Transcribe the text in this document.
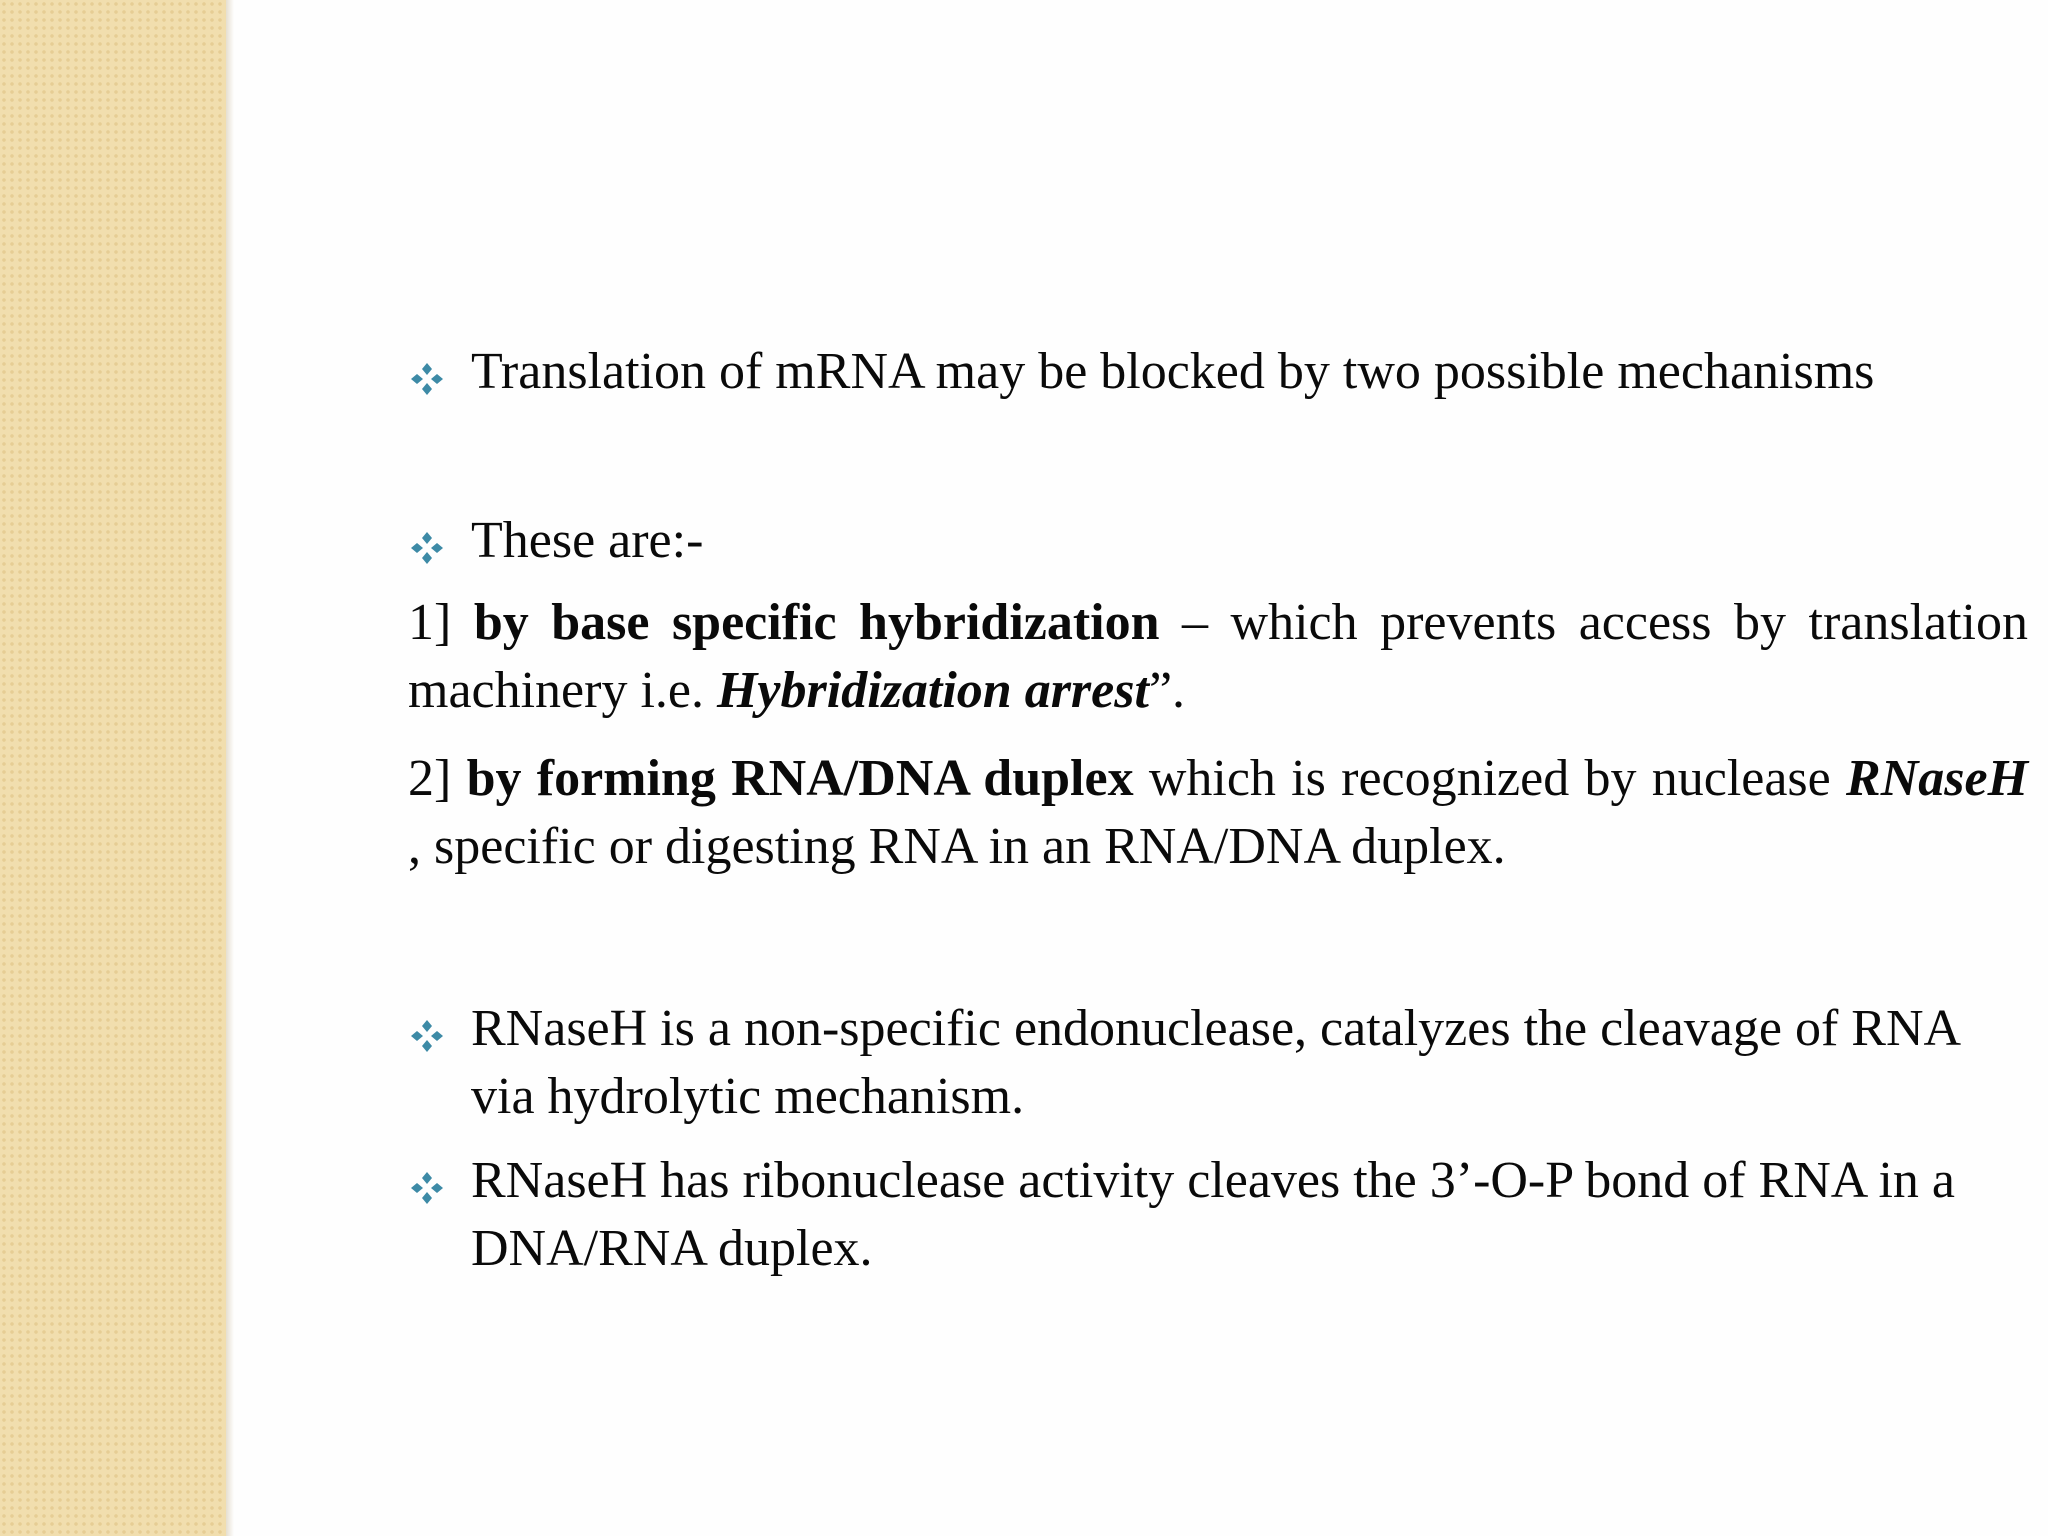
Translation of mRNA may be blocked by two possible mechanisms
These are:-
1] by base specific hybridization – which prevents access by translation machinery i.e. Hybridization arrest”.
2] by forming RNA/DNA duplex which is recognized by nuclease RNaseH , specific or digesting RNA in an RNA/DNA duplex.
RNaseH is a non-specific endonuclease, catalyzes the cleavage of RNA via hydrolytic mechanism.
RNaseH has ribonuclease activity cleaves the 3’-O-P bond of RNA in a DNA/RNA duplex.
